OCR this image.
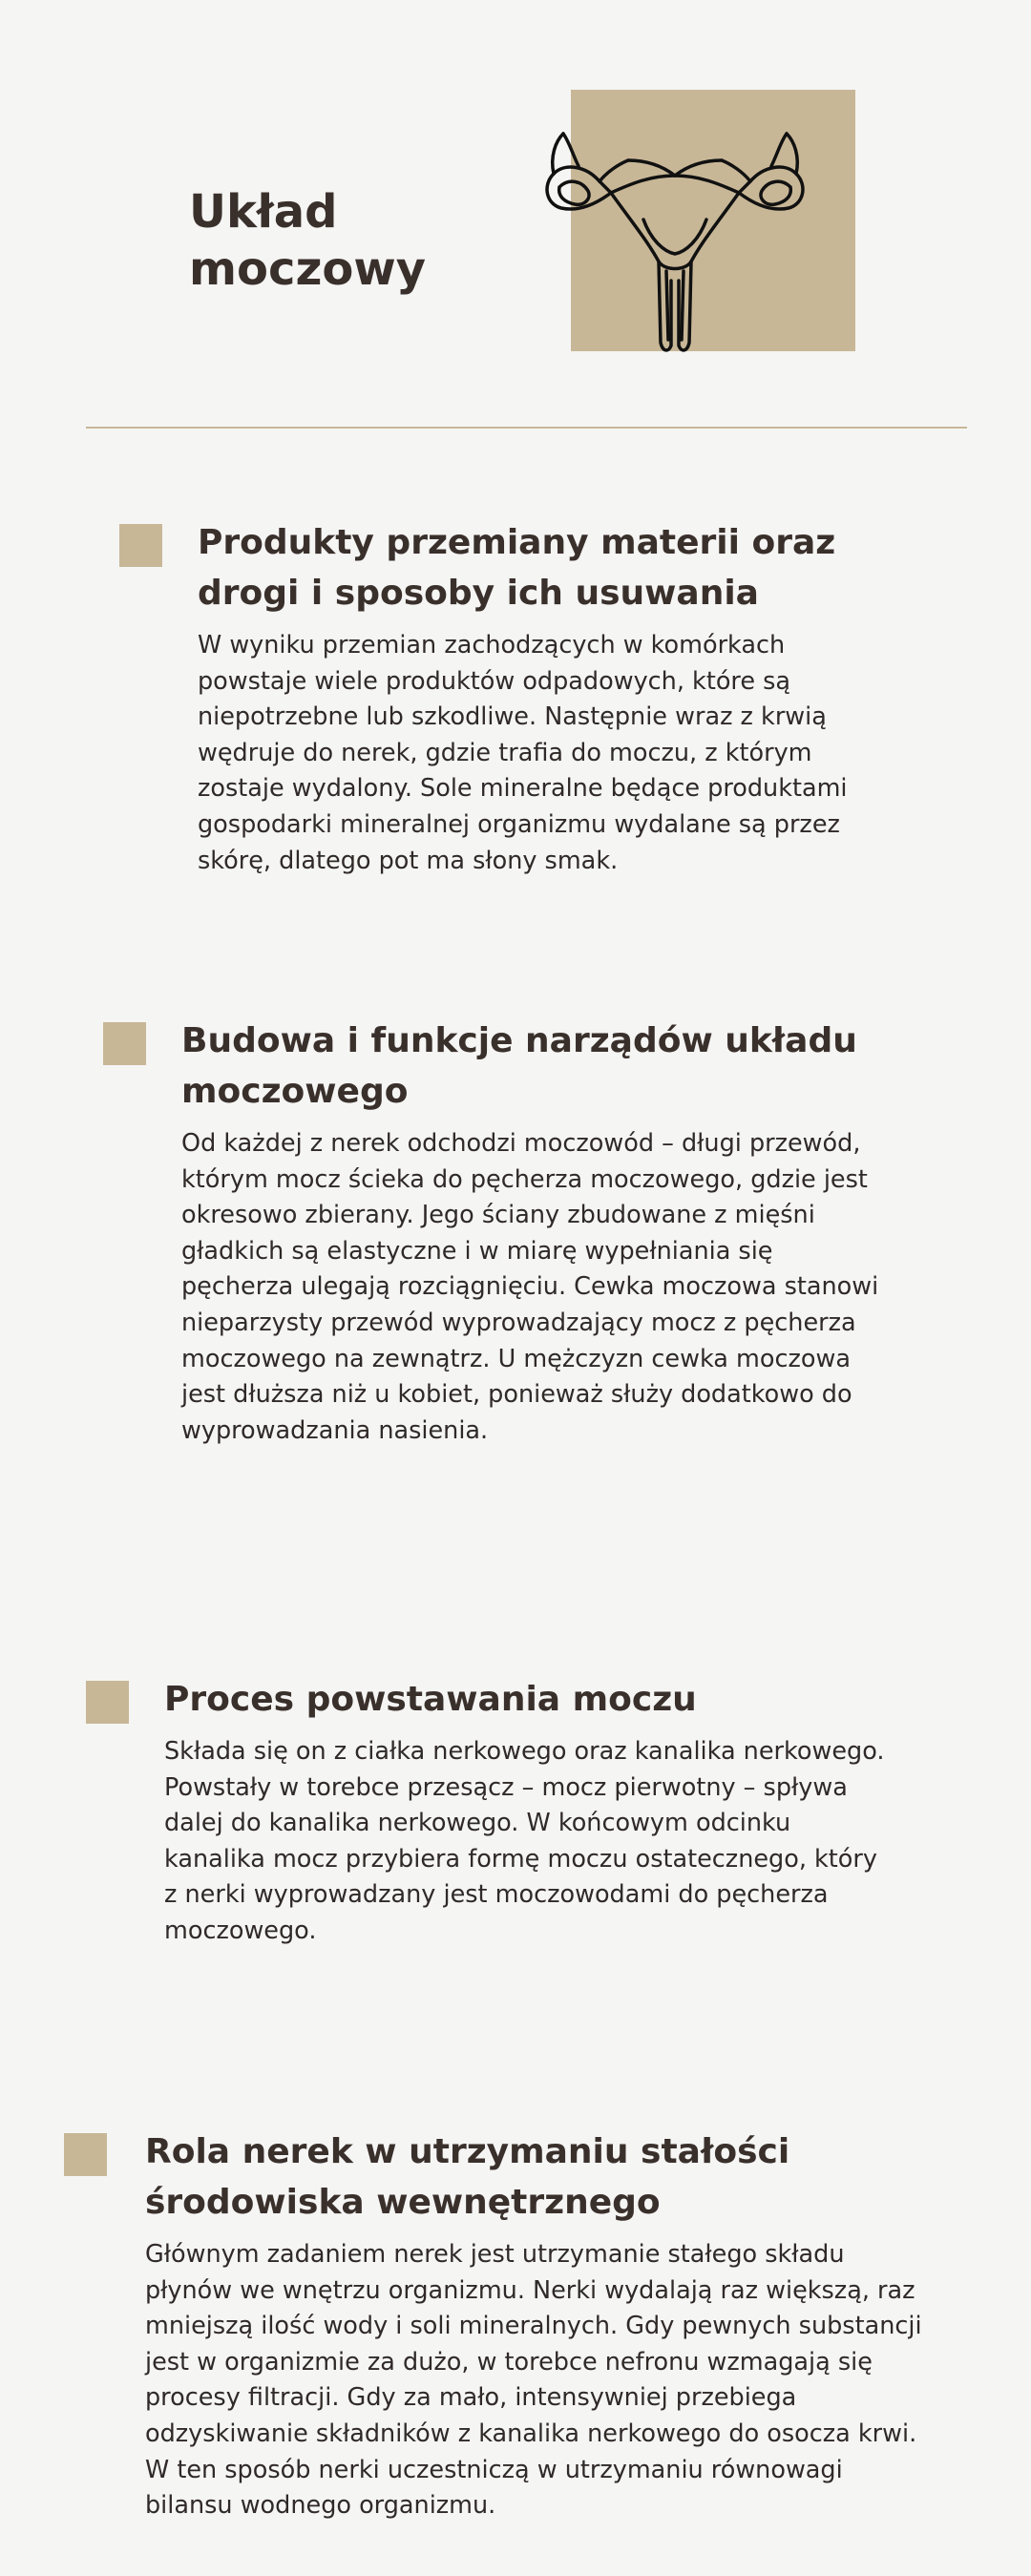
Układ
moczowy
Produkty przemiany materii oraz drogi i sposoby ich usuwania

W wyniku przemian zachodzących w komórkach powstaje wiele produktów odpadowych, które są niepotrzebne lub szkodliwe. Następnie wraz z krwią wędruje do nerek, gdzie trafia do moczu, z którym zostaje wydalony. Sole mineralne będące produktami gospodarki mineralnej organizmu wydalane są przez skórę, dlatego pot ma słony smak.

Budowa i funkcje narządów układu moczowego

Od każdej z nerek odchodzi moczowód – długi przewód, którym mocz ścieka do pęcherza moczowego, gdzie jest okresowo zbierany. Jego ściany zbudowane z mięśni gładkich są elastyczne i w miarę wypełniania się pęcherza ulegają rozciągnięciu. Cewka moczowa stanowi nieparzysty przewód wyprowadzający mocz z pęcherza moczowego na zewnątrz. U mężczyzn cewka moczowa jest dłuższa niż u kobiet, ponieważ służy dodatkowo do wyprowadzania nasienia.

Proces powstawania moczu

Składa się on z ciałka nerkowego oraz kanalika nerkowego. Powstały w torebce przesącz – mocz pierwotny – spływa dalej do kanalika nerkowego. W końcowym odcinku kanalika mocz przybiera formę moczu ostatecznego, który z nerki wyprowadzany jest moczowodami do pęcherza moczowego.

Rola nerek w utrzymaniu stałości środowiska wewnętrznego

Głównym zadaniem nerek jest utrzymanie stałego składu płynów we wnętrzu organizmu. Nerki wydalają raz większą, raz mniejszą ilość wody i soli mineralnych. Gdy pewnych substancji jest w organizmie za dużo, w torebce nefronu wzmagają się procesy filtracji. Gdy za mało, intensywniej przebiega odzyskiwanie składników z kanalika nerkowego do osocza krwi. W ten sposób nerki uczestniczą w utrzymaniu równowagi bilansu wodnego organizmu.
